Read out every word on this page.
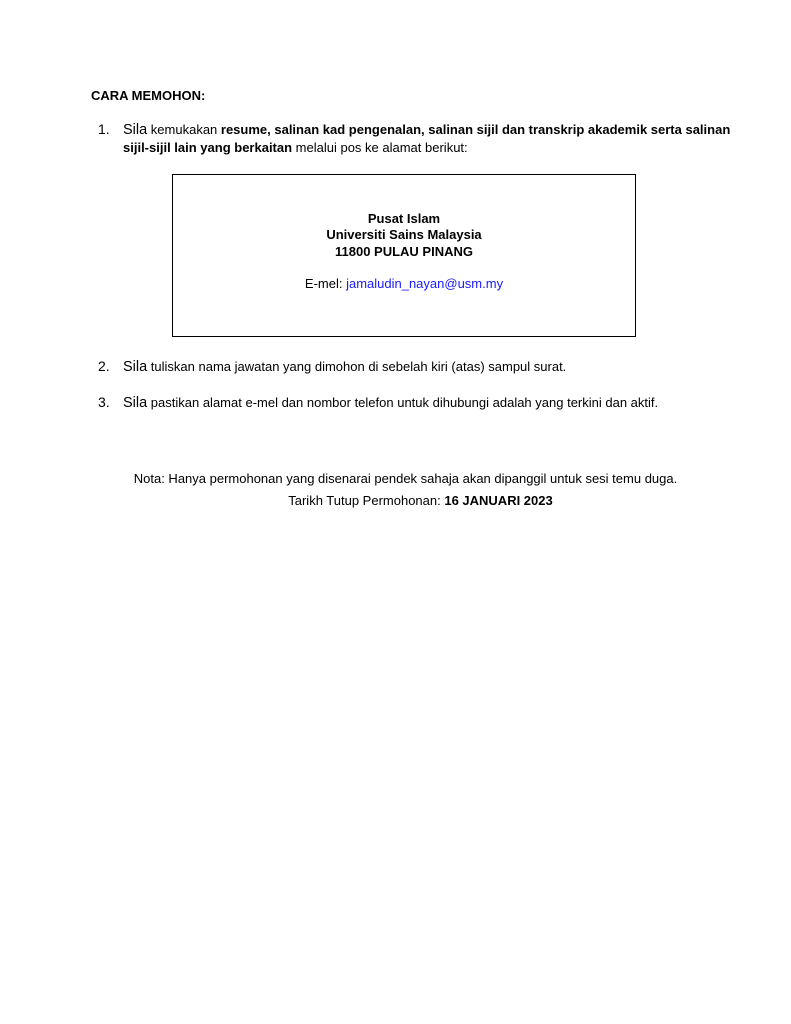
CARA MEMOHON:
1. Sila kemukakan resume, salinan kad pengenalan, salinan sijil dan transkrip akademik serta salinan sijil-sijil lain yang berkaitan melalui pos ke alamat berikut:
Pusat Islam
Universiti Sains Malaysia
11800 PULAU PINANG
E-mel: jamaludin_nayan@usm.my
2. Sila tuliskan nama jawatan yang dimohon di sebelah kiri (atas) sampul surat.
3. Sila pastikan alamat e-mel dan nombor telefon untuk dihubungi adalah yang terkini dan aktif.
Nota: Hanya permohonan yang disenarai pendek sahaja akan dipanggil untuk sesi temu duga.
Tarikh Tutup Permohonan: 16 JANUARI 2023
